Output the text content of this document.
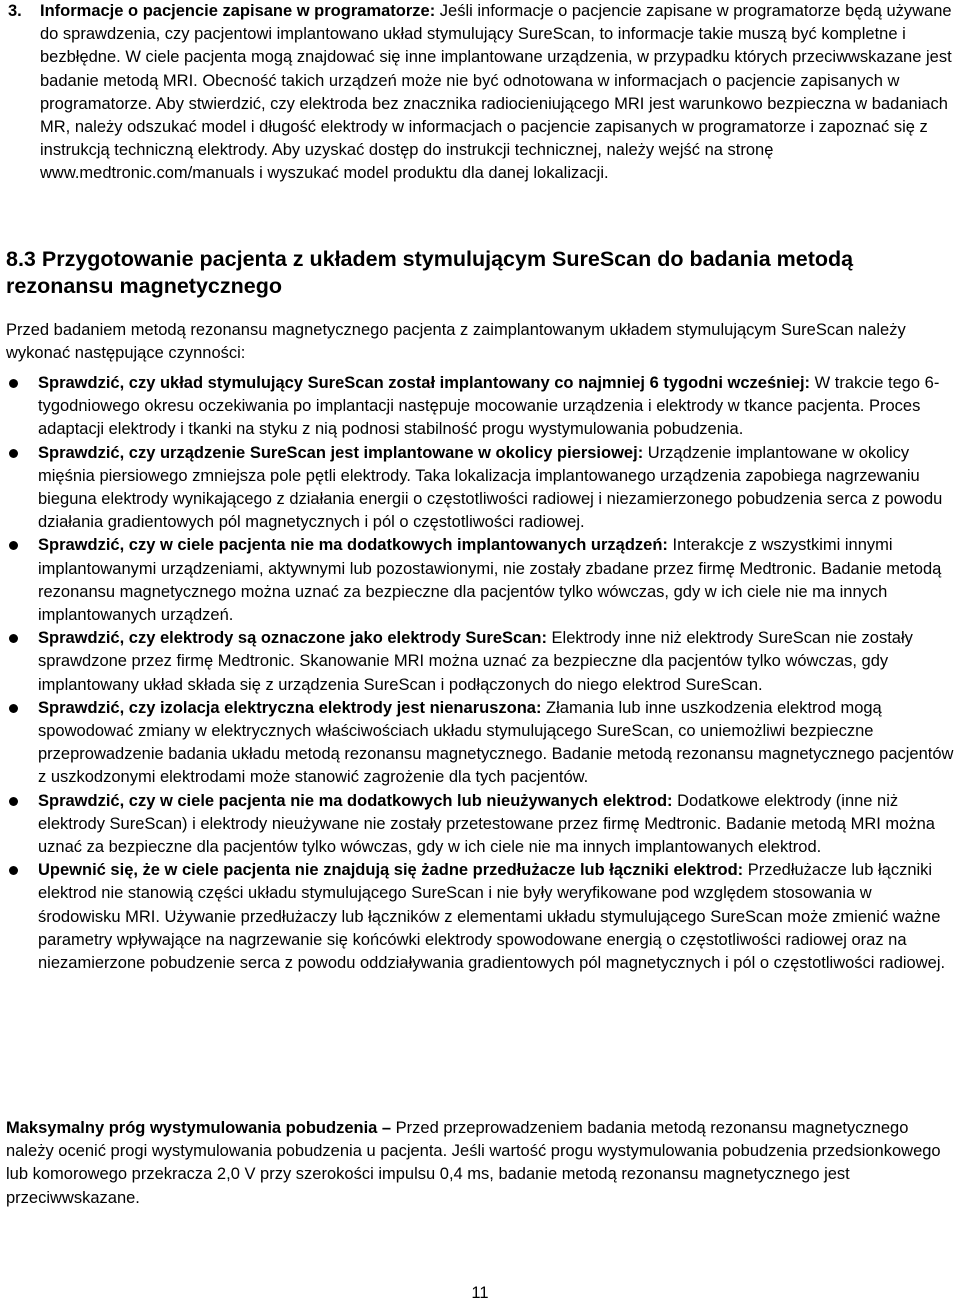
3.	Informacje o pacjencie zapisane w programatorze: Jeśli informacje o pacjencie zapisane w programatorze będą używane do sprawdzenia, czy pacjentowi implantowano układ stymulujący SureScan, to informacje takie muszą być kompletne i bezbłędne. W ciele pacjenta mogą znajdować się inne implantowane urządzenia, w przypadku których przeciwwskazane jest badanie metodą MRI. Obecność takich urządzeń może nie być odnotowana w informacjach o pacjencie zapisanych w programatorze. Aby stwierdzić, czy elektroda bez znacznika radiocieniującego MRI jest warunkowo bezpieczna w badaniach MR, należy odszukać model i długość elektrody w informacjach o pacjencie zapisanych w programatorze i zapoznać się z instrukcją techniczną elektrody. Aby uzyskać dostęp do instrukcji technicznej, należy wejść na stronę www.medtronic.com/manuals i wyszukać model produktu dla danej lokalizacji.
8.3 Przygotowanie pacjenta z układem stymulującym SureScan do badania metodą rezonansu magnetycznego
Przed badaniem metodą rezonansu magnetycznego pacjenta z zaimplantowanym układem stymulującym SureScan należy wykonać następujące czynności:
Sprawdzić, czy układ stymulujący SureScan został implantowany co najmniej 6 tygodni wcześniej: W trakcie tego 6-tygodniowego okresu oczekiwania po implantacji następuje mocowanie urządzenia i elektrody w tkance pacjenta. Proces adaptacji elektrody i tkanki na styku z nią podnosi stabilność progu wystymulowania pobudzenia.
Sprawdzić, czy urządzenie SureScan jest implantowane w okolicy piersiowej: Urządzenie implantowane w okolicy mięśnia piersiowego zmniejsza pole pętli elektrody. Taka lokalizacja implantowanego urządzenia zapobiega nagrzewaniu bieguna elektrody wynikającego z działania energii o częstotliwości radiowej i niezamierzonego pobudzenia serca z powodu działania gradientowych pól magnetycznych i pól o częstotliwości radiowej.
Sprawdzić, czy w ciele pacjenta nie ma dodatkowych implantowanych urządzeń: Interakcje z wszystkimi innymi implantowanymi urządzeniami, aktywnymi lub pozostawionymi, nie zostały zbadane przez firmę Medtronic. Badanie metodą rezonansu magnetycznego można uznać za bezpieczne dla pacjentów tylko wówczas, gdy w ich ciele nie ma innych implantowanych urządzeń.
Sprawdzić, czy elektrody są oznaczone jako elektrody SureScan: Elektrody inne niż elektrody SureScan nie zostały sprawdzone przez firmę Medtronic. Skanowanie MRI można uznać za bezpieczne dla pacjentów tylko wówczas, gdy implantowany układ składa się z urządzenia SureScan i podłączonych do niego elektrod SureScan.
Sprawdzić, czy izolacja elektryczna elektrody jest nienaruszona: Złamania lub inne uszkodzenia elektrod mogą spowodować zmiany w elektrycznych właściwościach układu stymulującego SureScan, co uniemożliwi bezpieczne przeprowadzenie badania układu metodą rezonansu magnetycznego. Badanie metodą rezonansu magnetycznego pacjentów z uszkodzonymi elektrodami może stanowić zagrożenie dla tych pacjentów.
Sprawdzić, czy w ciele pacjenta nie ma dodatkowych lub nieużywanych elektrod: Dodatkowe elektrody (inne niż elektrody SureScan) i elektrody nieużywane nie zostały przetestowane przez firmę Medtronic. Badanie metodą MRI można uznać za bezpieczne dla pacjentów tylko wówczas, gdy w ich ciele nie ma innych implantowanych elektrod.
Upewnić się, że w ciele pacjenta nie znajdują się żadne przedłużacze lub łączniki elektrod: Przedłużacze lub łączniki elektrod nie stanowią części układu stymulującego SureScan i nie były weryfikowane pod względem stosowania w środowisku MRI. Używanie przedłużaczy lub łączników z elementami układu stymulującego SureScan może zmienić ważne parametry wpływające na nagrzewanie się końcówki elektrody spowodowane energią o częstotliwości radiowej oraz na niezamierzone pobudzenie serca z powodu oddziaływania gradientowych pól magnetycznych i pól o częstotliwości radiowej.
Maksymalny próg wystymulowania pobudzenia – Przed przeprowadzeniem badania metodą rezonansu magnetycznego należy ocenić progi wystymulowania pobudzenia u pacjenta. Jeśli wartość progu wystymulowania pobudzenia przedsionkowego lub komorowego przekracza 2,0 V przy szerokości impulsu 0,4 ms, badanie metodą rezonansu magnetycznego jest przeciwwskazane.
11
